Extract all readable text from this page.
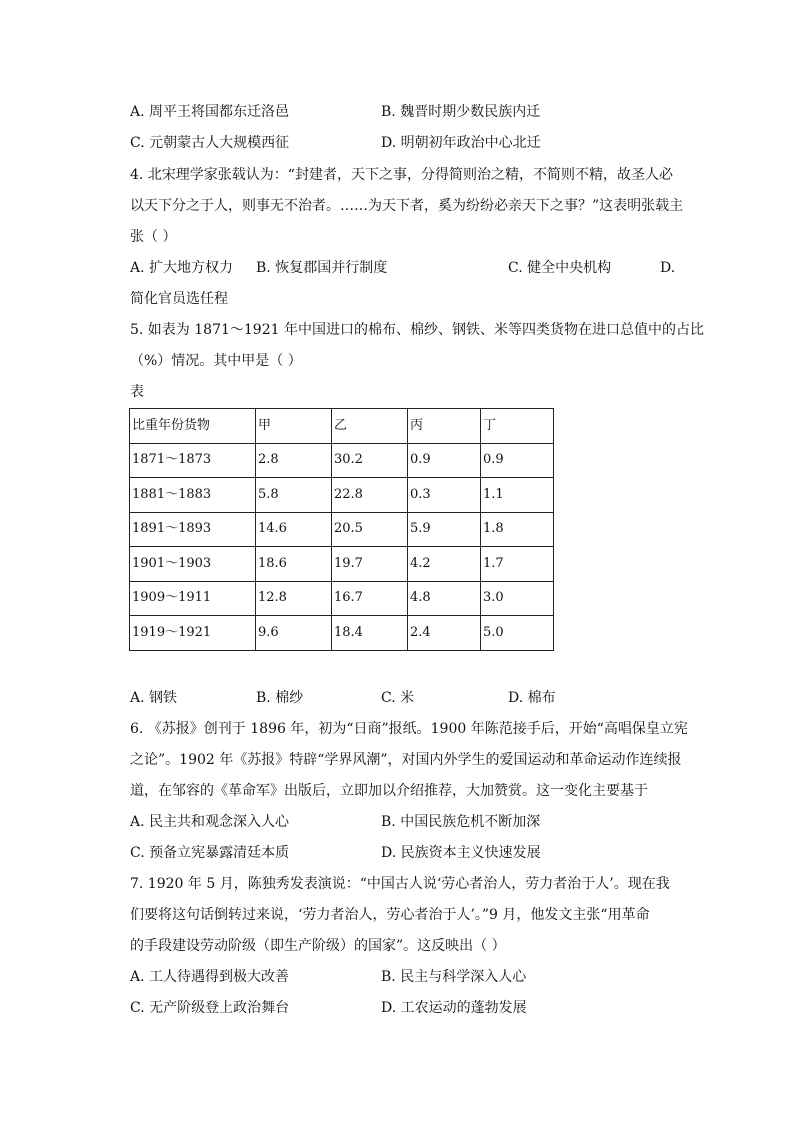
A. 周平王将国都东迁洛邑	B. 魏晋时期少数民族内迁
C. 元朝蒙古人大规模西征	D. 明朝初年政治中心北迁
4. 北宋理学家张载认为：“封建者，天下之事，分得简则治之精，不简则不精，故圣人必
以天下分之于人，则事无不治者。……为天下者，奚为纷纷必亲天下之事？”这表明张载主
张（ ）
A. 扩大地方权力 B. 恢复郡国并行制度	C. 健全中央机构	D.
简化官员选任程
5. 如表为 1871～1921 年中国进口的棉布、棉纱、钢铁、米等四类货物在进口总值中的占比
（%）情况。其中甲是（ ）
表
比重年份货物	甲	乙	丙	丁
1871～1873	2.8	30.2	0.9	0.9
1881～1883	5.8	22.8	0.3	1.1
1891～1893	14.6	20.5	5.9	1.8
1901～1903	18.6	19.7	4.2	1.7
1909～1911	12.8	16.7	4.8	3.0
1919～1921	9.6	18.4	2.4	5.0
A. 钢铁	B. 棉纱	C. 米	D. 棉布
6. 《苏报》创刊于 1896 年，初为“日商”报纸。1900 年陈范接手后，开始“高唱保皇立宪
之论”。1902 年《苏报》特辟“学界风潮”，对国内外学生的爱国运动和革命运动作连续报
道，在邹容的《革命军》出版后，立即加以介绍推荐，大加赞赏。这一变化主要基于
A. 民主共和观念深入人心	B. 中国民族危机不断加深
C. 预备立宪暴露清廷本质	D. 民族资本主义快速发展
7. 1920 年 5 月，陈独秀发表演说：“中国古人说‘劳心者治人，劳力者治于人’。现在我
们要将这句话倒转过来说，‘劳力者治人，劳心者治于人’。”9 月，他发文主张“用革命
的手段建设劳动阶级（即生产阶级）的国家”。这反映出（ ）
A. 工人待遇得到极大改善	B. 民主与科学深入人心
C. 无产阶级登上政治舞台	D. 工农运动的蓬勃发展
